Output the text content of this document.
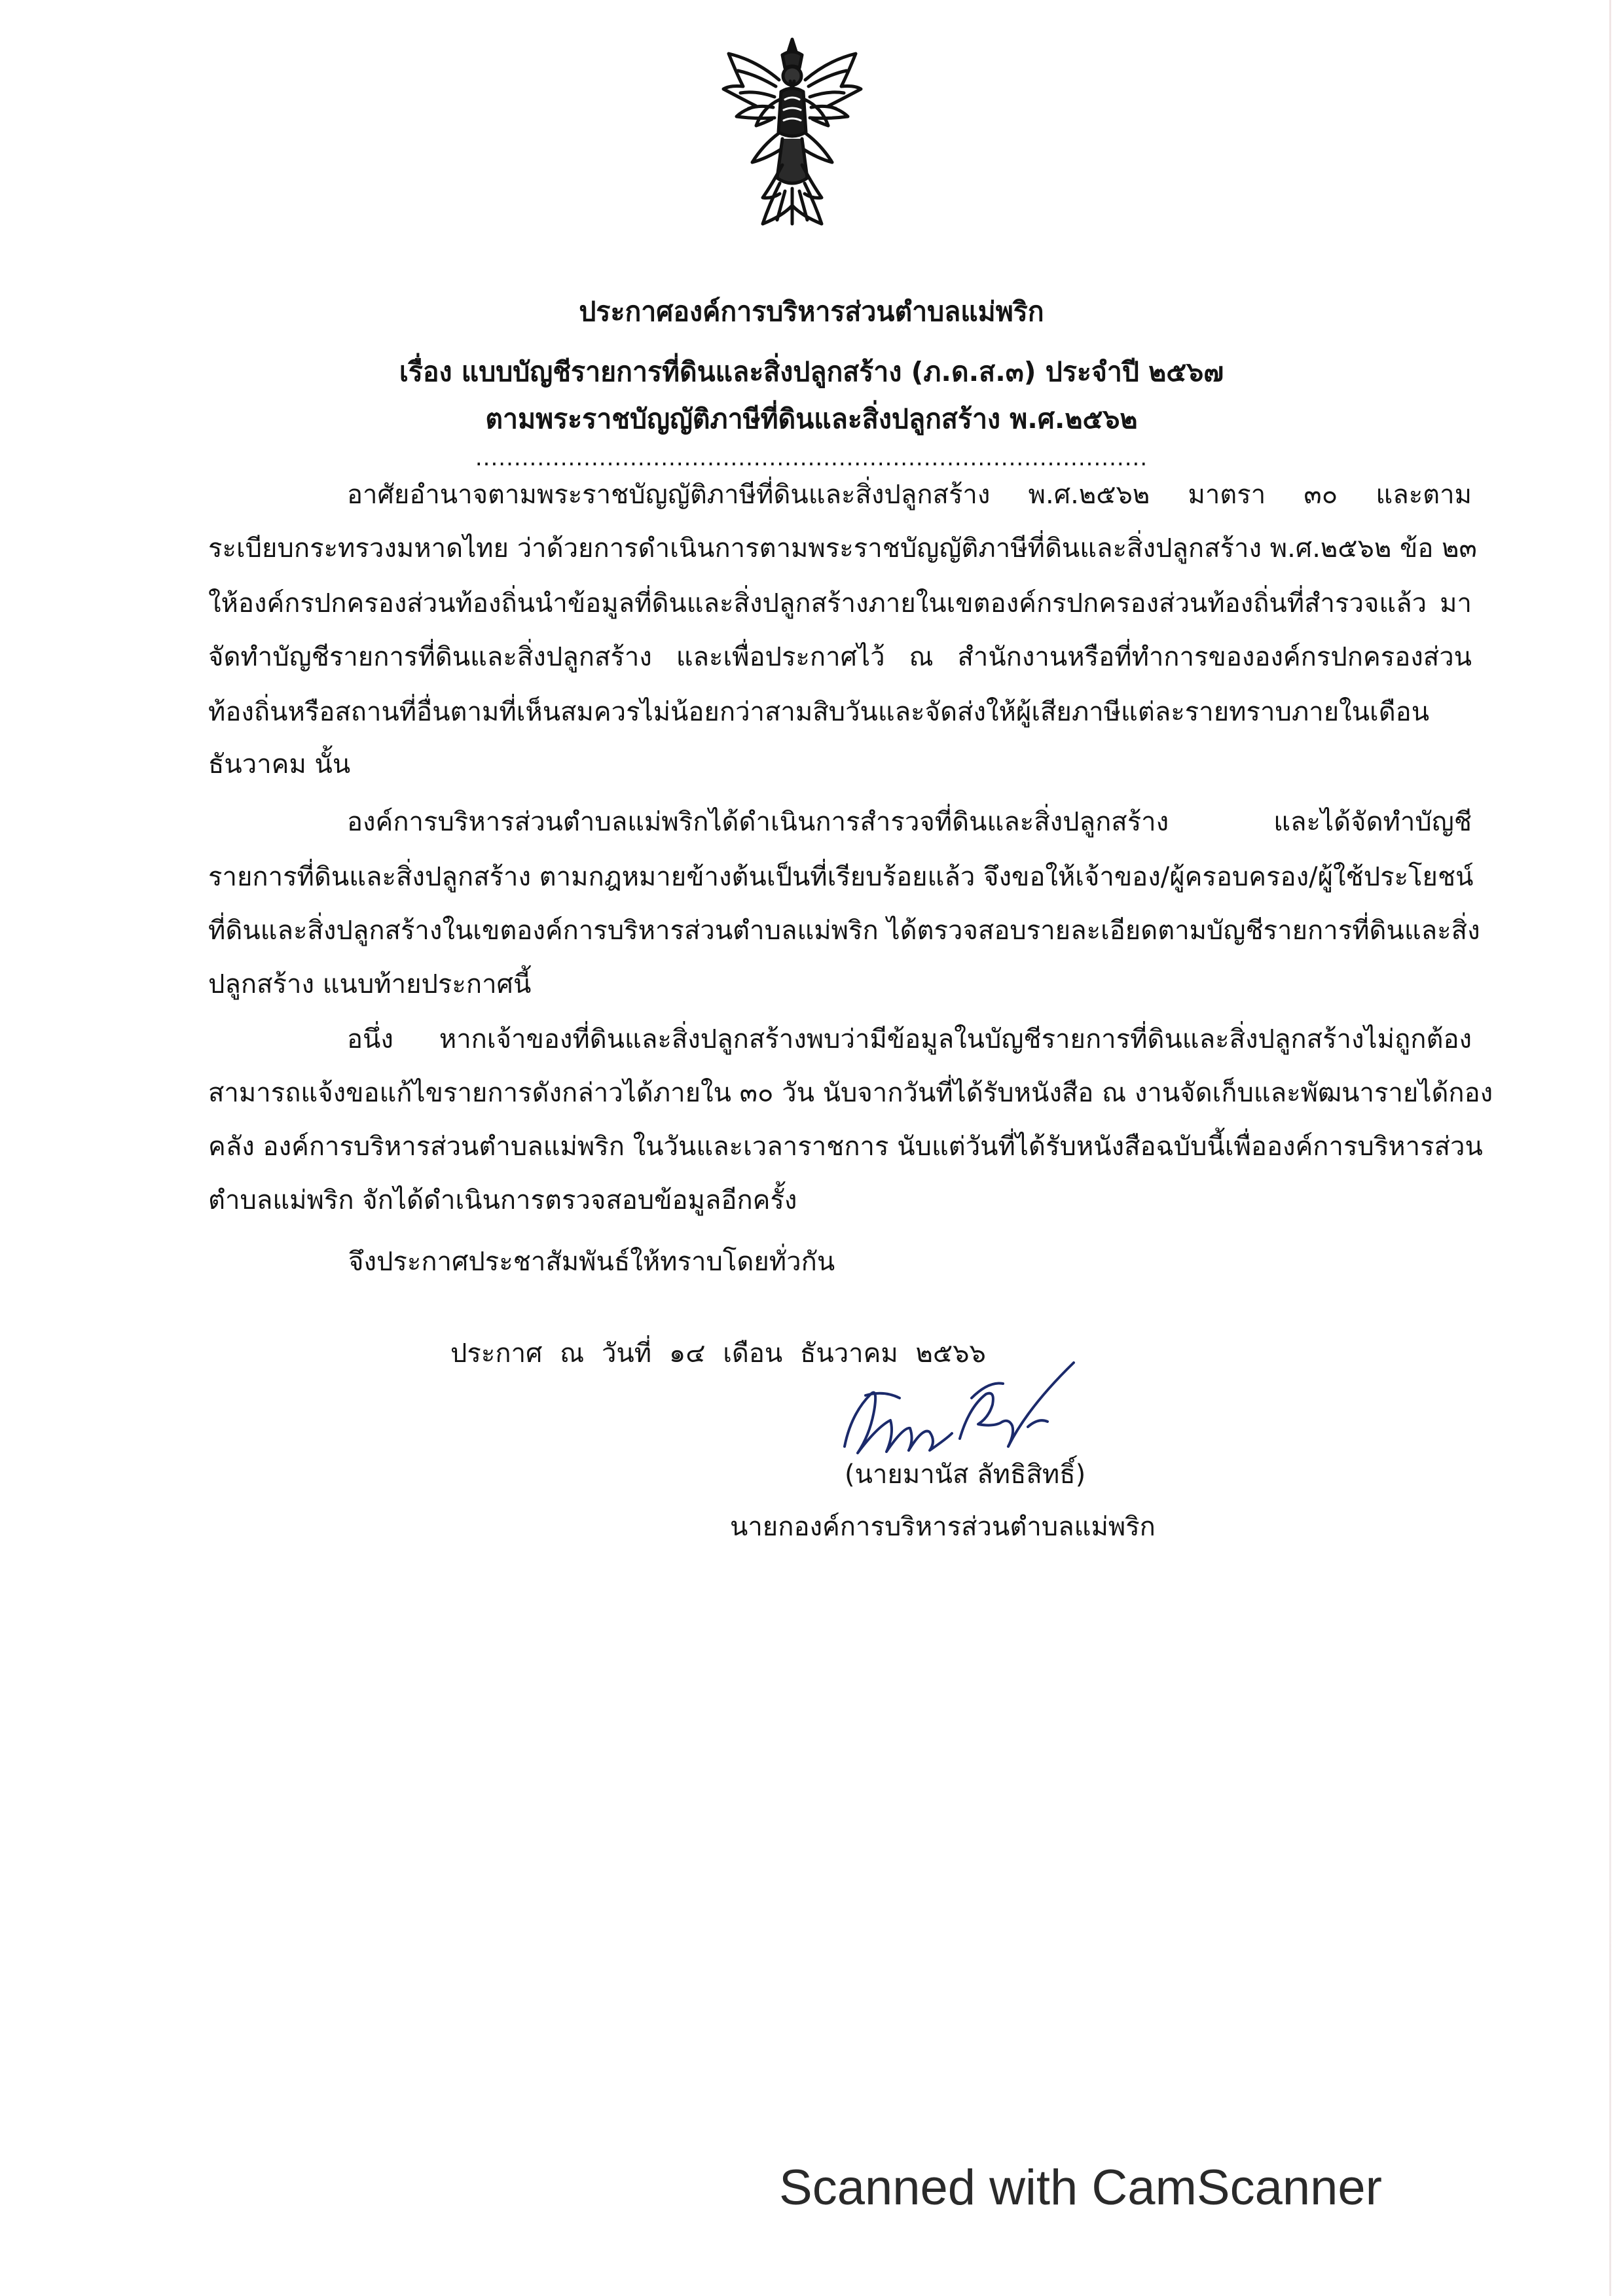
ประกาศองค์การบริหารส่วนตำบลแม่พริก
เรื่อง แบบบัญชีรายการที่ดินและสิ่งปลูกสร้าง (ภ.ด.ส.๓) ประจำปี ๒๕๖๗
ตามพระราชบัญญัติภาษีที่ดินและสิ่งปลูกสร้าง พ.ศ.๒๕๖๒
.......................................................................................
อาศัยอำนาจตามพระราชบัญญัติภาษีที่ดินและสิ่งปลูกสร้าง พ.ศ.๒๕๖๒ มาตรา ๓๐ และตาม
ระเบียบกระทรวงมหาดไทย ว่าด้วยการดำเนินการตามพระราชบัญญัติภาษีที่ดินและสิ่งปลูกสร้าง พ.ศ.๒๕๖๒ ข้อ ๒๓
ให้องค์กรปกครองส่วนท้องถิ่นนำข้อมูลที่ดินและสิ่งปลูกสร้างภายในเขตองค์กรปกครองส่วนท้องถิ่นที่สำรวจแล้ว มา
จัดทำบัญชีรายการที่ดินและสิ่งปลูกสร้าง และเพื่อประกาศไว้ ณ สำนักงานหรือที่ทำการขององค์กรปกครองส่วน
ท้องถิ่นหรือสถานที่อื่นตามที่เห็นสมควรไม่น้อยกว่าสามสิบวันและจัดส่งให้ผู้เสียภาษีแต่ละรายทราบภายในเดือน
ธันวาคม นั้น
องค์การบริหารส่วนตำบลแม่พริกได้ดำเนินการสำรวจที่ดินและสิ่งปลูกสร้าง และได้จัดทำบัญชี
รายการที่ดินและสิ่งปลูกสร้าง ตามกฎหมายข้างต้นเป็นที่เรียบร้อยแล้ว จึงขอให้เจ้าของ/ผู้ครอบครอง/ผู้ใช้ประโยชน์
ที่ดินและสิ่งปลูกสร้างในเขตองค์การบริหารส่วนตำบลแม่พริก ได้ตรวจสอบรายละเอียดตามบัญชีรายการที่ดินและสิ่ง
ปลูกสร้าง แนบท้ายประกาศนี้
อนึ่ง หากเจ้าของที่ดินและสิ่งปลูกสร้างพบว่ามีข้อมูลในบัญชีรายการที่ดินและสิ่งปลูกสร้างไม่ถูกต้อง
สามารถแจ้งขอแก้ไขรายการดังกล่าวได้ภายใน ๓๐ วัน นับจากวันที่ได้รับหนังสือ ณ งานจัดเก็บและพัฒนารายได้กอง
คลัง องค์การบริหารส่วนตำบลแม่พริก ในวันและเวลาราชการ นับแต่วันที่ได้รับหนังสือฉบับนี้เพื่อองค์การบริหารส่วน
ตำบลแม่พริก จักได้ดำเนินการตรวจสอบข้อมูลอีกครั้ง
จึงประกาศประชาสัมพันธ์ให้ทราบโดยทั่วกัน
ประกาศ ณ วันที่ ๑๔ เดือน ธันวาคม ๒๕๖๖
(นายมานัส ลัทธิสิทธิ์)
นายกองค์การบริหารส่วนตำบลแม่พริก
Scanned with CamScanner
